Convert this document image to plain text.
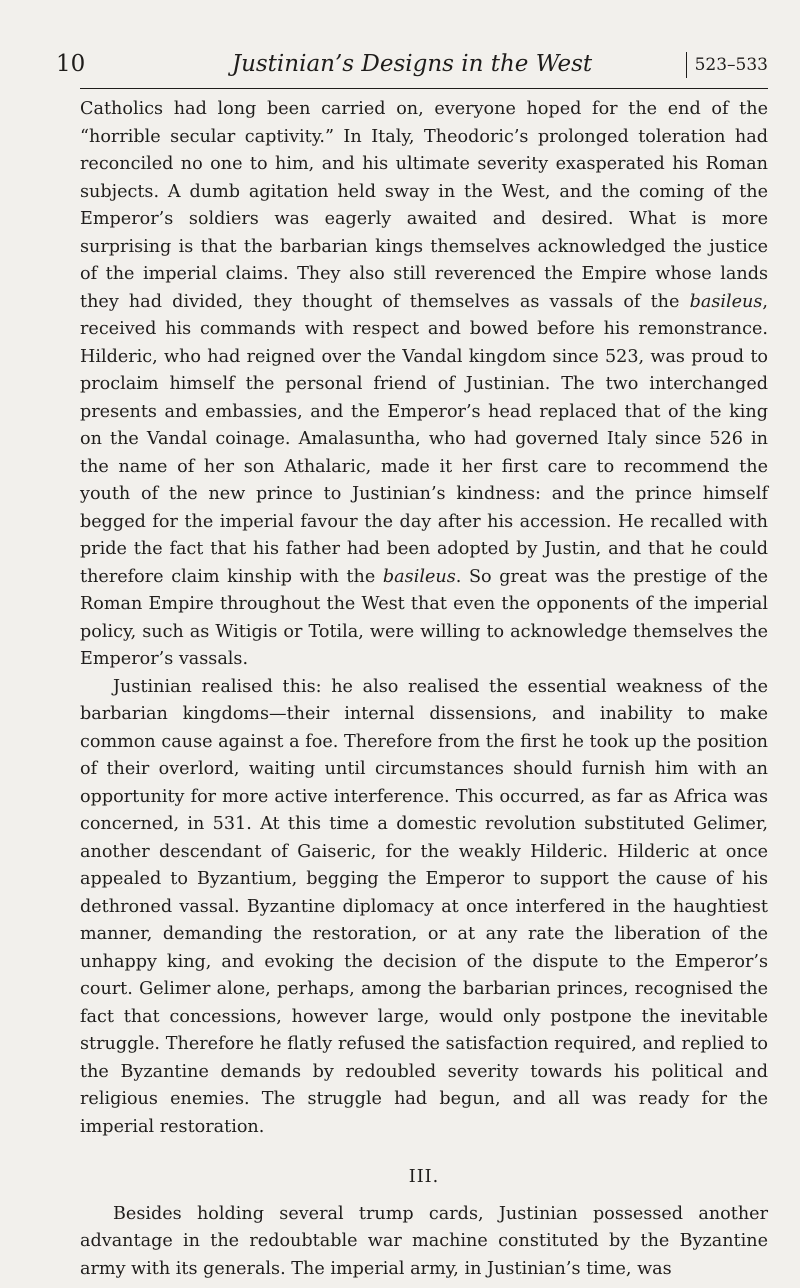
10	Justinian’s Designs in the West	523–533

Catholics had long been carried on, everyone hoped for the end of the “horrible secular captivity.” In Italy, Theodoric’s prolonged toleration had reconciled no one to him, and his ultimate severity exasperated his Roman subjects. A dumb agitation held sway in the West, and the coming of the Emperor’s soldiers was eagerly awaited and desired. What is more surprising is that the barbarian kings themselves acknowledged the justice of the imperial claims. They also still reverenced the Empire whose lands they had divided, they thought of themselves as vassals of the basileus, received his commands with respect and bowed before his remonstrance. Hilderic, who had reigned over the Vandal kingdom since 523, was proud to proclaim himself the personal friend of Justinian. The two interchanged presents and embassies, and the Emperor’s head replaced that of the king on the Vandal coinage. Amalasuntha, who had governed Italy since 526 in the name of her son Athalaric, made it her first care to recommend the youth of the new prince to Justinian’s kindness: and the prince himself begged for the imperial favour the day after his accession. He recalled with pride the fact that his father had been adopted by Justin, and that he could therefore claim kinship with the basileus. So great was the prestige of the Roman Empire throughout the West that even the opponents of the imperial policy, such as Witigis or Totila, were willing to acknowledge themselves the Emperor’s vassals.

Justinian realised this: he also realised the essential weakness of the barbarian kingdoms—their internal dissensions, and inability to make common cause against a foe. Therefore from the first he took up the position of their overlord, waiting until circumstances should furnish him with an opportunity for more active interference. This occurred, as far as Africa was concerned, in 531. At this time a domestic revolution substituted Gelimer, another descendant of Gaiseric, for the weakly Hilderic. Hilderic at once appealed to Byzantium, begging the Emperor to support the cause of his dethroned vassal. Byzantine diplomacy at once interfered in the haughtiest manner, demanding the restoration, or at any rate the liberation of the unhappy king, and evoking the decision of the dispute to the Emperor’s court. Gelimer alone, perhaps, among the barbarian princes, recognised the fact that concessions, however large, would only postpone the inevitable struggle. Therefore he flatly refused the satisfaction required, and replied to the Byzantine demands by redoubled severity towards his political and religious enemies. The struggle had begun, and all was ready for the imperial restoration.

III.

Besides holding several trump cards, Justinian possessed another advantage in the redoubtable war machine constituted by the Byzantine army with its generals. The imperial army, in Justinian’s time, was
